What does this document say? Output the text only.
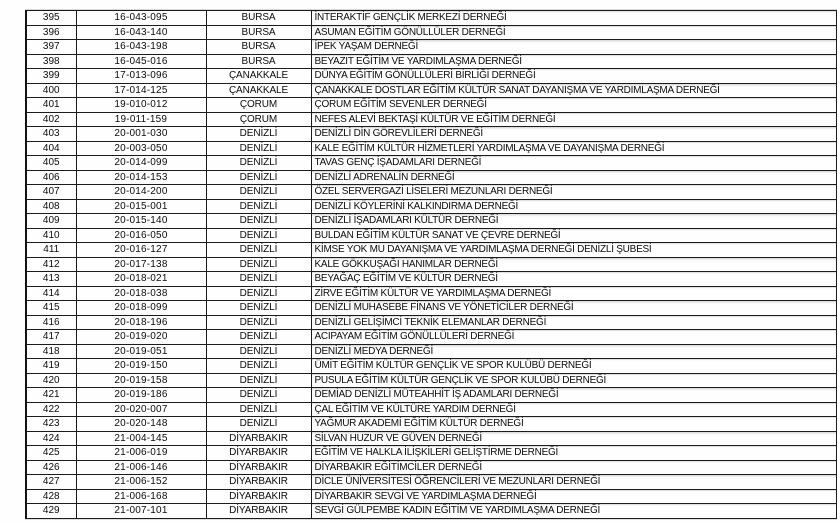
395	16-043-095	BURSA	İNTERAKTİF GENÇLİK MERKEZİ DERNEĞİ
396	16-043-140	BURSA	ASUMAN EĞİTİM GÖNÜLLÜLER DERNEĞİ
397	16-043-198	BURSA	İPEK YAŞAM DERNEĞİ
398	16-045-016	BURSA	BEYAZIT EĞİTİM VE YARDIMLAŞMA DERNEĞİ
399	17-013-096	ÇANAKKALE	DÜNYA EĞİTİM GÖNÜLLÜLERİ BİRLİĞİ DERNEĞİ
400	17-014-125	ÇANAKKALE	ÇANAKKALE DOSTLAR EĞİTİM KÜLTÜR SANAT DAYANIŞMA VE YARDIMLAŞMA DERNEĞİ
401	19-010-012	ÇORUM	ÇORUM EĞİTİM SEVENLER DERNEĞİ
402	19-011-159	ÇORUM	NEFES ALEVİ BEKTAŞİ KÜLTÜR VE EĞİTİM DERNEĞİ
403	20-001-030	DENİZLİ	DENİZLİ DİN GÖREVLİLERİ DERNEĞİ
404	20-003-050	DENİZLİ	KALE EĞİTİM KÜLTÜR HİZMETLERİ YARDIMLAŞMA VE DAYANIŞMA DERNEĞİ
405	20-014-099	DENİZLİ	TAVAS GENÇ İŞADAMLARI DERNEĞİ
406	20-014-153	DENİZLİ	DENİZLİ ADRENALİN DERNEĞİ
407	20-014-200	DENİZLİ	ÖZEL SERVERGAZİ LİSELERİ MEZUNLARI DERNEĞİ
408	20-015-001	DENİZLİ	DENİZLİ KÖYLERİNİ KALKINDIRMA DERNEĞİ
409	20-015-140	DENİZLİ	DENİZLİ İŞADAMLARI KÜLTÜR DERNEĞİ
410	20-016-050	DENİZLİ	BULDAN EĞİTİM KÜLTÜR SANAT VE ÇEVRE DERNEĞİ
411	20-016-127	DENİZLİ	KİMSE YOK MU DAYANIŞMA VE YARDIMLAŞMA DERNEĞİ DENİZLİ ŞUBESİ
412	20-017-138	DENİZLİ	KALE GÖKKUŞAĞI HANIMLAR DERNEĞİ
413	20-018-021	DENİZLİ	BEYAĞAÇ EĞİTİM VE KÜLTÜR DERNEĞİ
414	20-018-038	DENİZLİ	ZİRVE EĞİTİM KÜLTÜR VE YARDIMLAŞMA DERNEĞİ
415	20-018-099	DENİZLİ	DENİZLİ MUHASEBE FİNANS VE YÖNETİCİLER DERNEĞİ
416	20-018-196	DENİZLİ	DENİZLİ GELİŞİMCİ TEKNİK ELEMANLAR DERNEĞİ
417	20-019-020	DENİZLİ	ACIPAYAM EĞİTİM GÖNÜLLÜLERİ DERNEĞİ
418	20-019-051	DENİZLİ	DENİZLİ MEDYA DERNEĞİ
419	20-019-150	DENİZLİ	ÜMİT EĞİTİM KÜLTÜR GENÇLİK VE SPOR KULÜBÜ DERNEĞİ
420	20-019-158	DENİZLİ	PUSULA EĞİTİM KÜLTÜR GENÇLİK VE SPOR KULÜBÜ DERNEĞİ
421	20-019-186	DENİZLİ	DEMİAD DENİZLİ MÜTEAHHİT İŞ ADAMLARI DERNEĞİ
422	20-020-007	DENİZLİ	ÇAL EĞİTİM VE KÜLTÜRE YARDIM DERNEĞİ
423	20-020-148	DENİZLİ	YAĞMUR AKADEMİ EĞİTİM KÜLTÜR DERNEĞİ
424	21-004-145	DİYARBAKIR	SİLVAN HUZUR VE GÜVEN DERNEĞİ
425	21-006-019	DİYARBAKIR	EĞİTİM VE HALKLA İLİŞKİLERİ GELİŞTİRME DERNEĞİ
426	21-006-146	DİYARBAKIR	DİYARBAKIR EĞİTİMCİLER DERNEĞİ
427	21-006-152	DİYARBAKIR	DİCLE ÜNİVERSİTESİ ÖĞRENCİLERİ VE MEZUNLARI DERNEĞİ
428	21-006-168	DİYARBAKIR	DİYARBAKIR SEVGİ VE YARDIMLAŞMA DERNEĞİ
429	21-007-101	DİYARBAKIR	SEVGİ GÜLPEMBE KADIN EĞİTİM VE YARDIMLAŞMA DERNEĞİ
